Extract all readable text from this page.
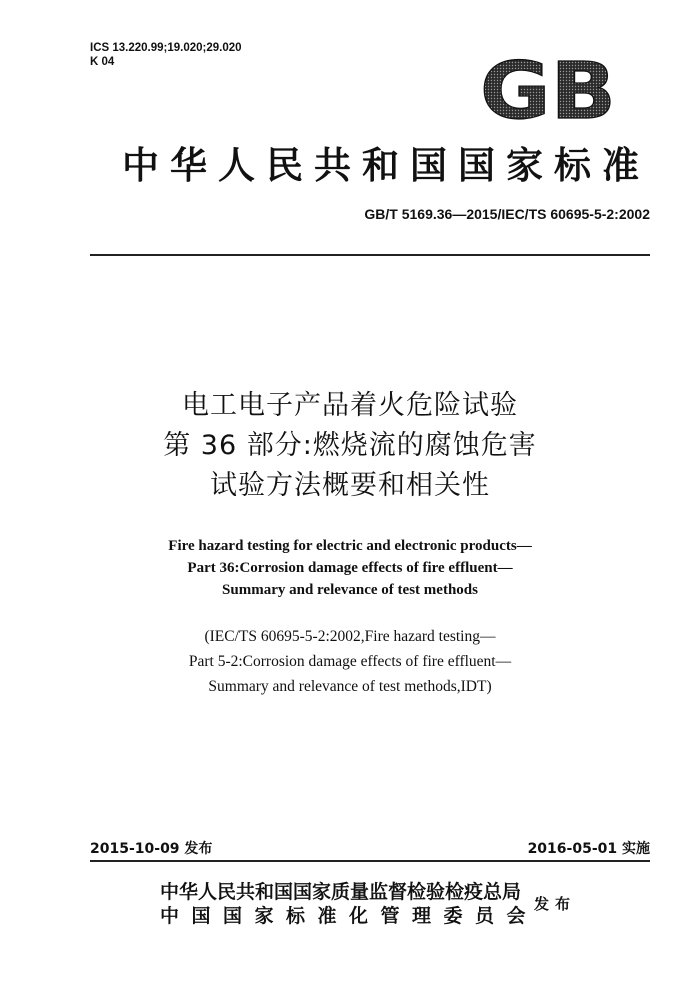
ICS 13.220.99;19.020;29.020
K 04	GB
中华人民共和国国家标准
GB/T 5169.36—2015/IEC/TS 60695-5-2:2002
电工电子产品着火危险试验
第 36 部分:燃烧流的腐蚀危害
试验方法概要和相关性
Fire hazard testing for electric and electronic products—
Part 36:Corrosion damage effects of fire effluent—
Summary and relevance of test methods
(IEC/TS 60695-5-2:2002,Fire hazard testing—
Part 5-2:Corrosion damage effects of fire effluent—
Summary and relevance of test methods,IDT)
2015-10-09 发布	2016-05-01 实施
中华人民共和国国家质量监督检验检疫总局
中国国家标准化管理委员会
发布
